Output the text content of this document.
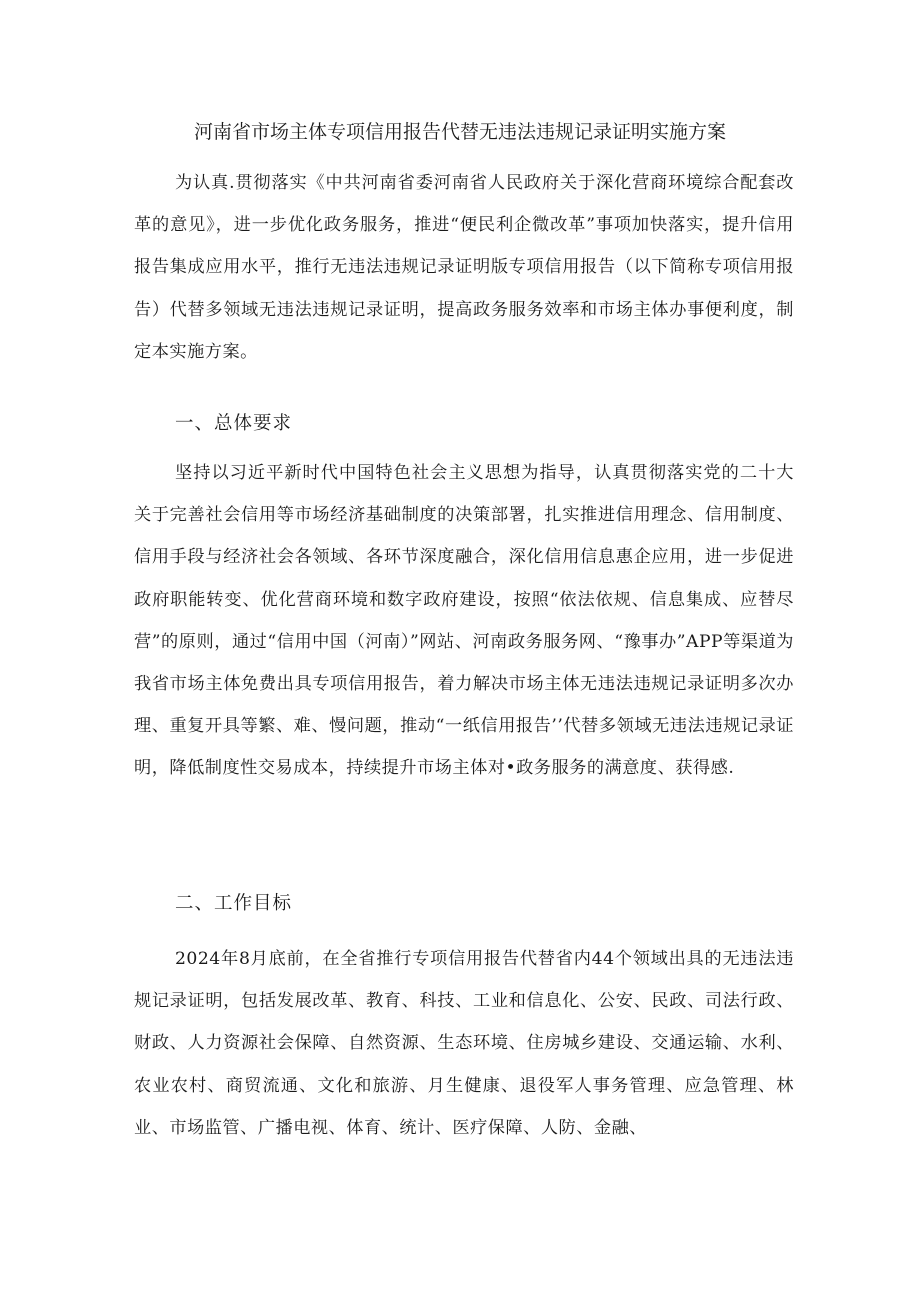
河南省市场主体专项信用报告代替无违法违规记录证明实施方案

为认真.贯彻落实《中共河南省委河南省人民政府关于深化营商环境综合配套改革的意见》，进一步优化政务服务，推进“便民利企微改革”事项加快落实，提升信用报告集成应用水平，推行无违法违规记录证明版专项信用报告（以下简称专项信用报告）代替多领域无违法违规记录证明，提高政务服务效率和市场主体办事便利度，制定本实施方案。

一、总体要求

坚持以习近平新时代中国特色社会主义思想为指导，认真贯彻落实党的二十大关于完善社会信用等市场经济基础制度的决策部署，扎实推进信用理念、信用制度、信用手段与经济社会各领域、各环节深度融合，深化信用信息惠企应用，进一步促进政府职能转变、优化营商环境和数字政府建设，按照“依法依规、信息集成、应替尽营”的原则，通过“信用中国（河南）”网站、河南政务服务网、“豫事办”APP等渠道为我省市场主体免费出具专项信用报告，着力解决市场主体无违法违规记录证明多次办理、重复开具等繁、难、慢问题，推动“一纸信用报告’’代替多领域无违法违规记录证明，降低制度性交易成本，持续提升市场主体对•政务服务的满意度、获得感.

二、工作目标

2024年8月底前，在全省推行专项信用报告代替省内44个领域出具的无违法违规记录证明，包括发展改革、教育、科技、工业和信息化、公安、民政、司法行政、财政、人力资源社会保障、自然资源、生态环境、住房城乡建设、交通运输、水利、农业农村、商贸流通、文化和旅游、月生健康、退役军人事务管理、应急管理、林业、市场监管、广播电视、体育、统计、医疗保障、人防、金融、
